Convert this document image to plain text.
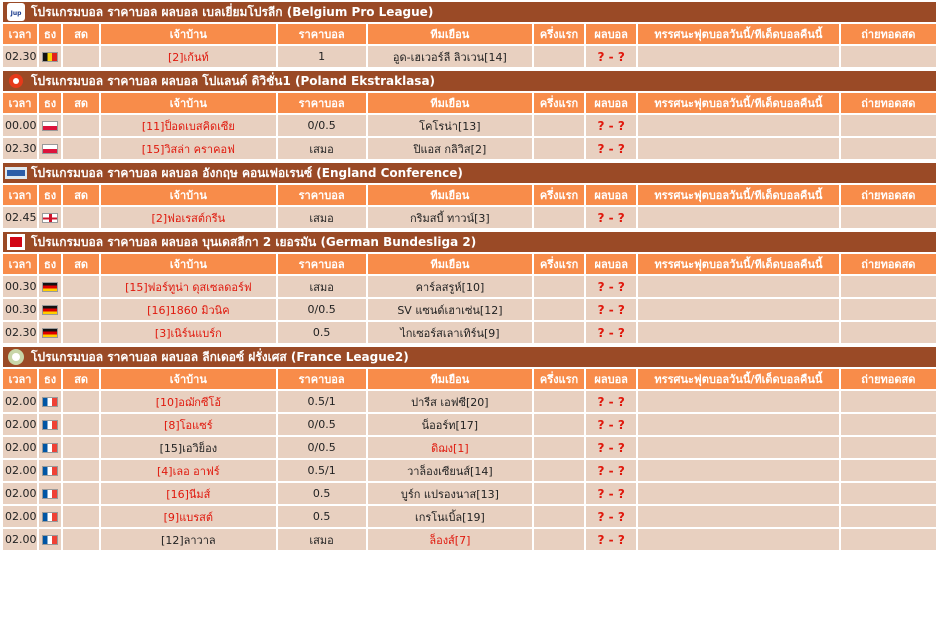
Jup โปรแกรมบอล ราคาบอล ผลบอล เบลเยี่ยมโปรลีก (Belgium Pro League)									
เวลา	ธง	สด	เจ้าบ้าน	ราคาบอล	ทีมเยือน	ครึ่งแรก	ผลบอล	ทรรศนะฟุตบอลวันนี้/ทีเด็ดบอลคืนนี้	ถ่ายทอดสด
02.30			[2]เก้นท์	1	อูด-เฮเวอร์ลี ลิวเวน[14]		? - ?		
โปรแกรมบอล ราคาบอล ผลบอล โปแลนด์ ดิวิชั่น1 (Poland Ekstraklasa)									
เวลา	ธง	สด	เจ้าบ้าน	ราคาบอล	ทีมเยือน	ครึ่งแรก	ผลบอล	ทรรศนะฟุตบอลวันนี้/ทีเด็ดบอลคืนนี้	ถ่ายทอดสด
00.00			[11]ป็อดเบสคิดเซีย	0/0.5	โคโรน่า[13]		? - ?		
02.30			[15]วิสล่า คราคอฟ	เสมอ	ปิแอส กลิวิส[2]		? - ?		
โปรแกรมบอล ราคาบอล ผลบอล อังกฤษ คอนเฟอเรนซ์ (England Conference)									
เวลา	ธง	สด	เจ้าบ้าน	ราคาบอล	ทีมเยือน	ครึ่งแรก	ผลบอล	ทรรศนะฟุตบอลวันนี้/ทีเด็ดบอลคืนนี้	ถ่ายทอดสด
02.45			[2]ฟอเรสต์กรีน	เสมอ	กริมสบี้ ทาวน์[3]		? - ?		
โปรแกรมบอล ราคาบอล ผลบอล บุนเดสลีกา 2 เยอรมัน (German Bundesliga 2)									
เวลา	ธง	สด	เจ้าบ้าน	ราคาบอล	ทีมเยือน	ครึ่งแรก	ผลบอล	ทรรศนะฟุตบอลวันนี้/ทีเด็ดบอลคืนนี้	ถ่ายทอดสด
00.30			[15]ฟอร์ทูน่า ดุสเซลดอร์ฟ	เสมอ	คาร์ลสรูห์[10]		? - ?		
00.30			[16]1860 มิวนิค	0/0.5	SV แซนด์เฮาเซ่น[12]		? - ?		
02.30			[3]เนิร์นแบร์ก	0.5	ไกเซอร์สเลาเทิร์น[9]		? - ?		
โปรแกรมบอล ราคาบอล ผลบอล ลีกเดอซ์ ฝรั่งเศส (France League2)									
เวลา	ธง	สด	เจ้าบ้าน	ราคาบอล	ทีมเยือน	ครึ่งแรก	ผลบอล	ทรรศนะฟุตบอลวันนี้/ทีเด็ดบอลคืนนี้	ถ่ายทอดสด
02.00			[10]อฌักซีโอ้	0.5/1	ปารีส เอฟซี[20]		? - ?		
02.00			[8]โอแซร์	0/0.5	น็ออร์ท[17]		? - ?		
02.00			[15]เอวิย็อง	0/0.5	ดิฌง[1]		? - ?		
02.00			[4]เลอ อาฟร์	0.5/1	วาล็องเซียนส์[14]		? - ?		
02.00			[16]นีมส์	0.5	บูร์ก แปรองนาส[13]		? - ?		
02.00			[9]แบรสต์	0.5	เกรโนเบิ้ล[19]		? - ?		
02.00			[12]ลาวาล	เสมอ	ล็องส์[7]		? - ?		
